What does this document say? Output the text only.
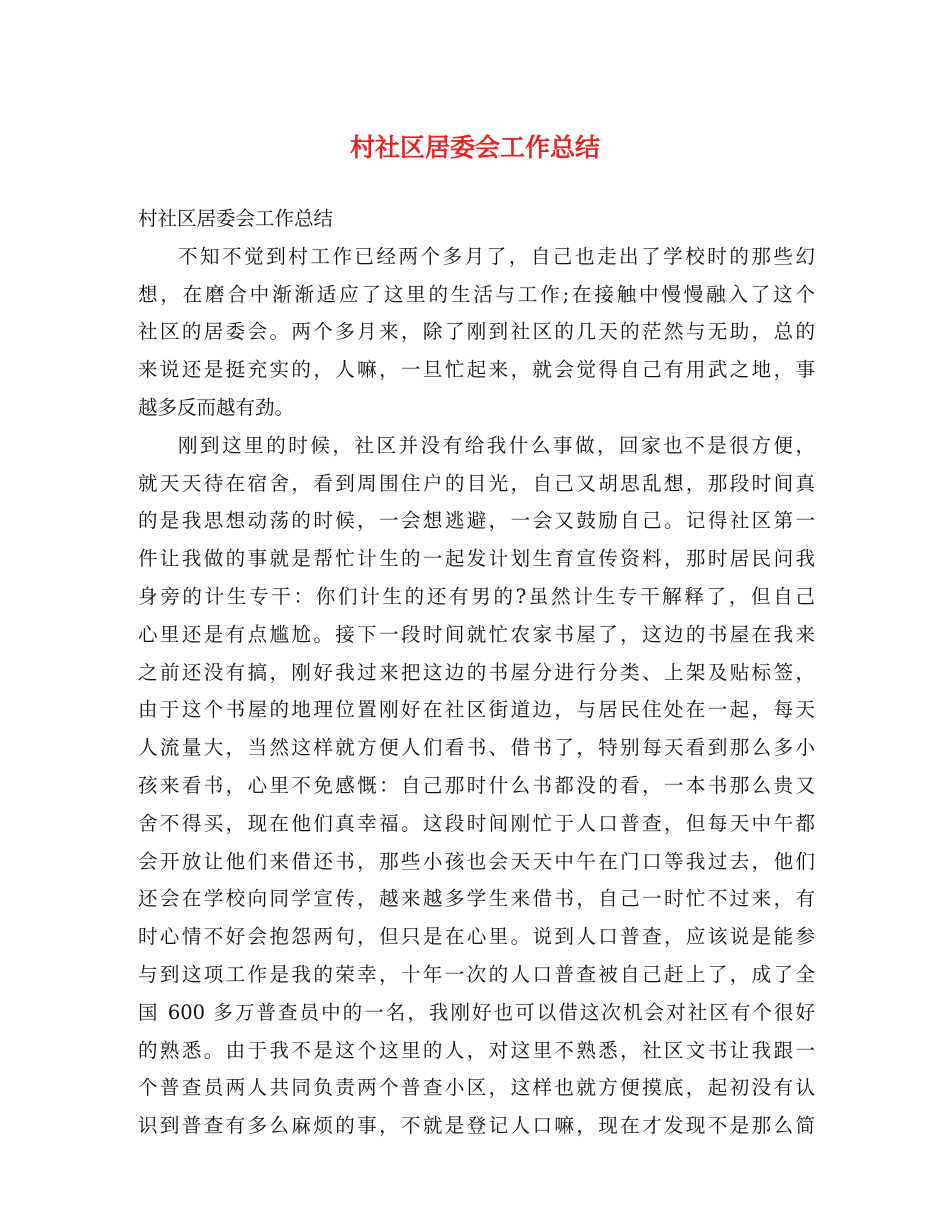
村社区居委会工作总结

村社区居委会工作总结

不知不觉到村工作已经两个多月了，自己也走出了学校时的那些幻
想，在磨合中渐渐适应了这里的生活与工作;在接触中慢慢融入了这个
社区的居委会。两个多月来，除了刚到社区的几天的茫然与无助，总的
来说还是挺充实的，人嘛，一旦忙起来，就会觉得自己有用武之地，事
越多反而越有劲。

刚到这里的时候，社区并没有给我什么事做，回家也不是很方便，
就天天待在宿舍，看到周围住户的目光，自己又胡思乱想，那段时间真
的是我思想动荡的时候，一会想逃避，一会又鼓励自己。记得社区第一
件让我做的事就是帮忙计生的一起发计划生育宣传资料，那时居民问我
身旁的计生专干：你们计生的还有男的?虽然计生专干解释了，但自己
心里还是有点尴尬。接下一段时间就忙农家书屋了，这边的书屋在我来
之前还没有搞，刚好我过来把这边的书屋分进行分类、上架及贴标签，
由于这个书屋的地理位置刚好在社区街道边，与居民住处在一起，每天
人流量大，当然这样就方便人们看书、借书了，特别每天看到那么多小
孩来看书，心里不免感慨：自己那时什么书都没的看，一本书那么贵又
舍不得买，现在他们真幸福。这段时间刚忙于人口普查，但每天中午都
会开放让他们来借还书，那些小孩也会天天中午在门口等我过去，他们
还会在学校向同学宣传，越来越多学生来借书，自己一时忙不过来，有
时心情不好会抱怨两句，但只是在心里。说到人口普查，应该说是能参
与到这项工作是我的荣幸，十年一次的人口普查被自己赶上了，成了全
国 600 多万普查员中的一名，我刚好也可以借这次机会对社区有个很好
的熟悉。由于我不是这个这里的人，对这里不熟悉，社区文书让我跟一
个普查员两人共同负责两个普查小区，这样也就方便摸底，起初没有认
识到普查有多么麻烦的事，不就是登记人口嘛，现在才发现不是那么简
